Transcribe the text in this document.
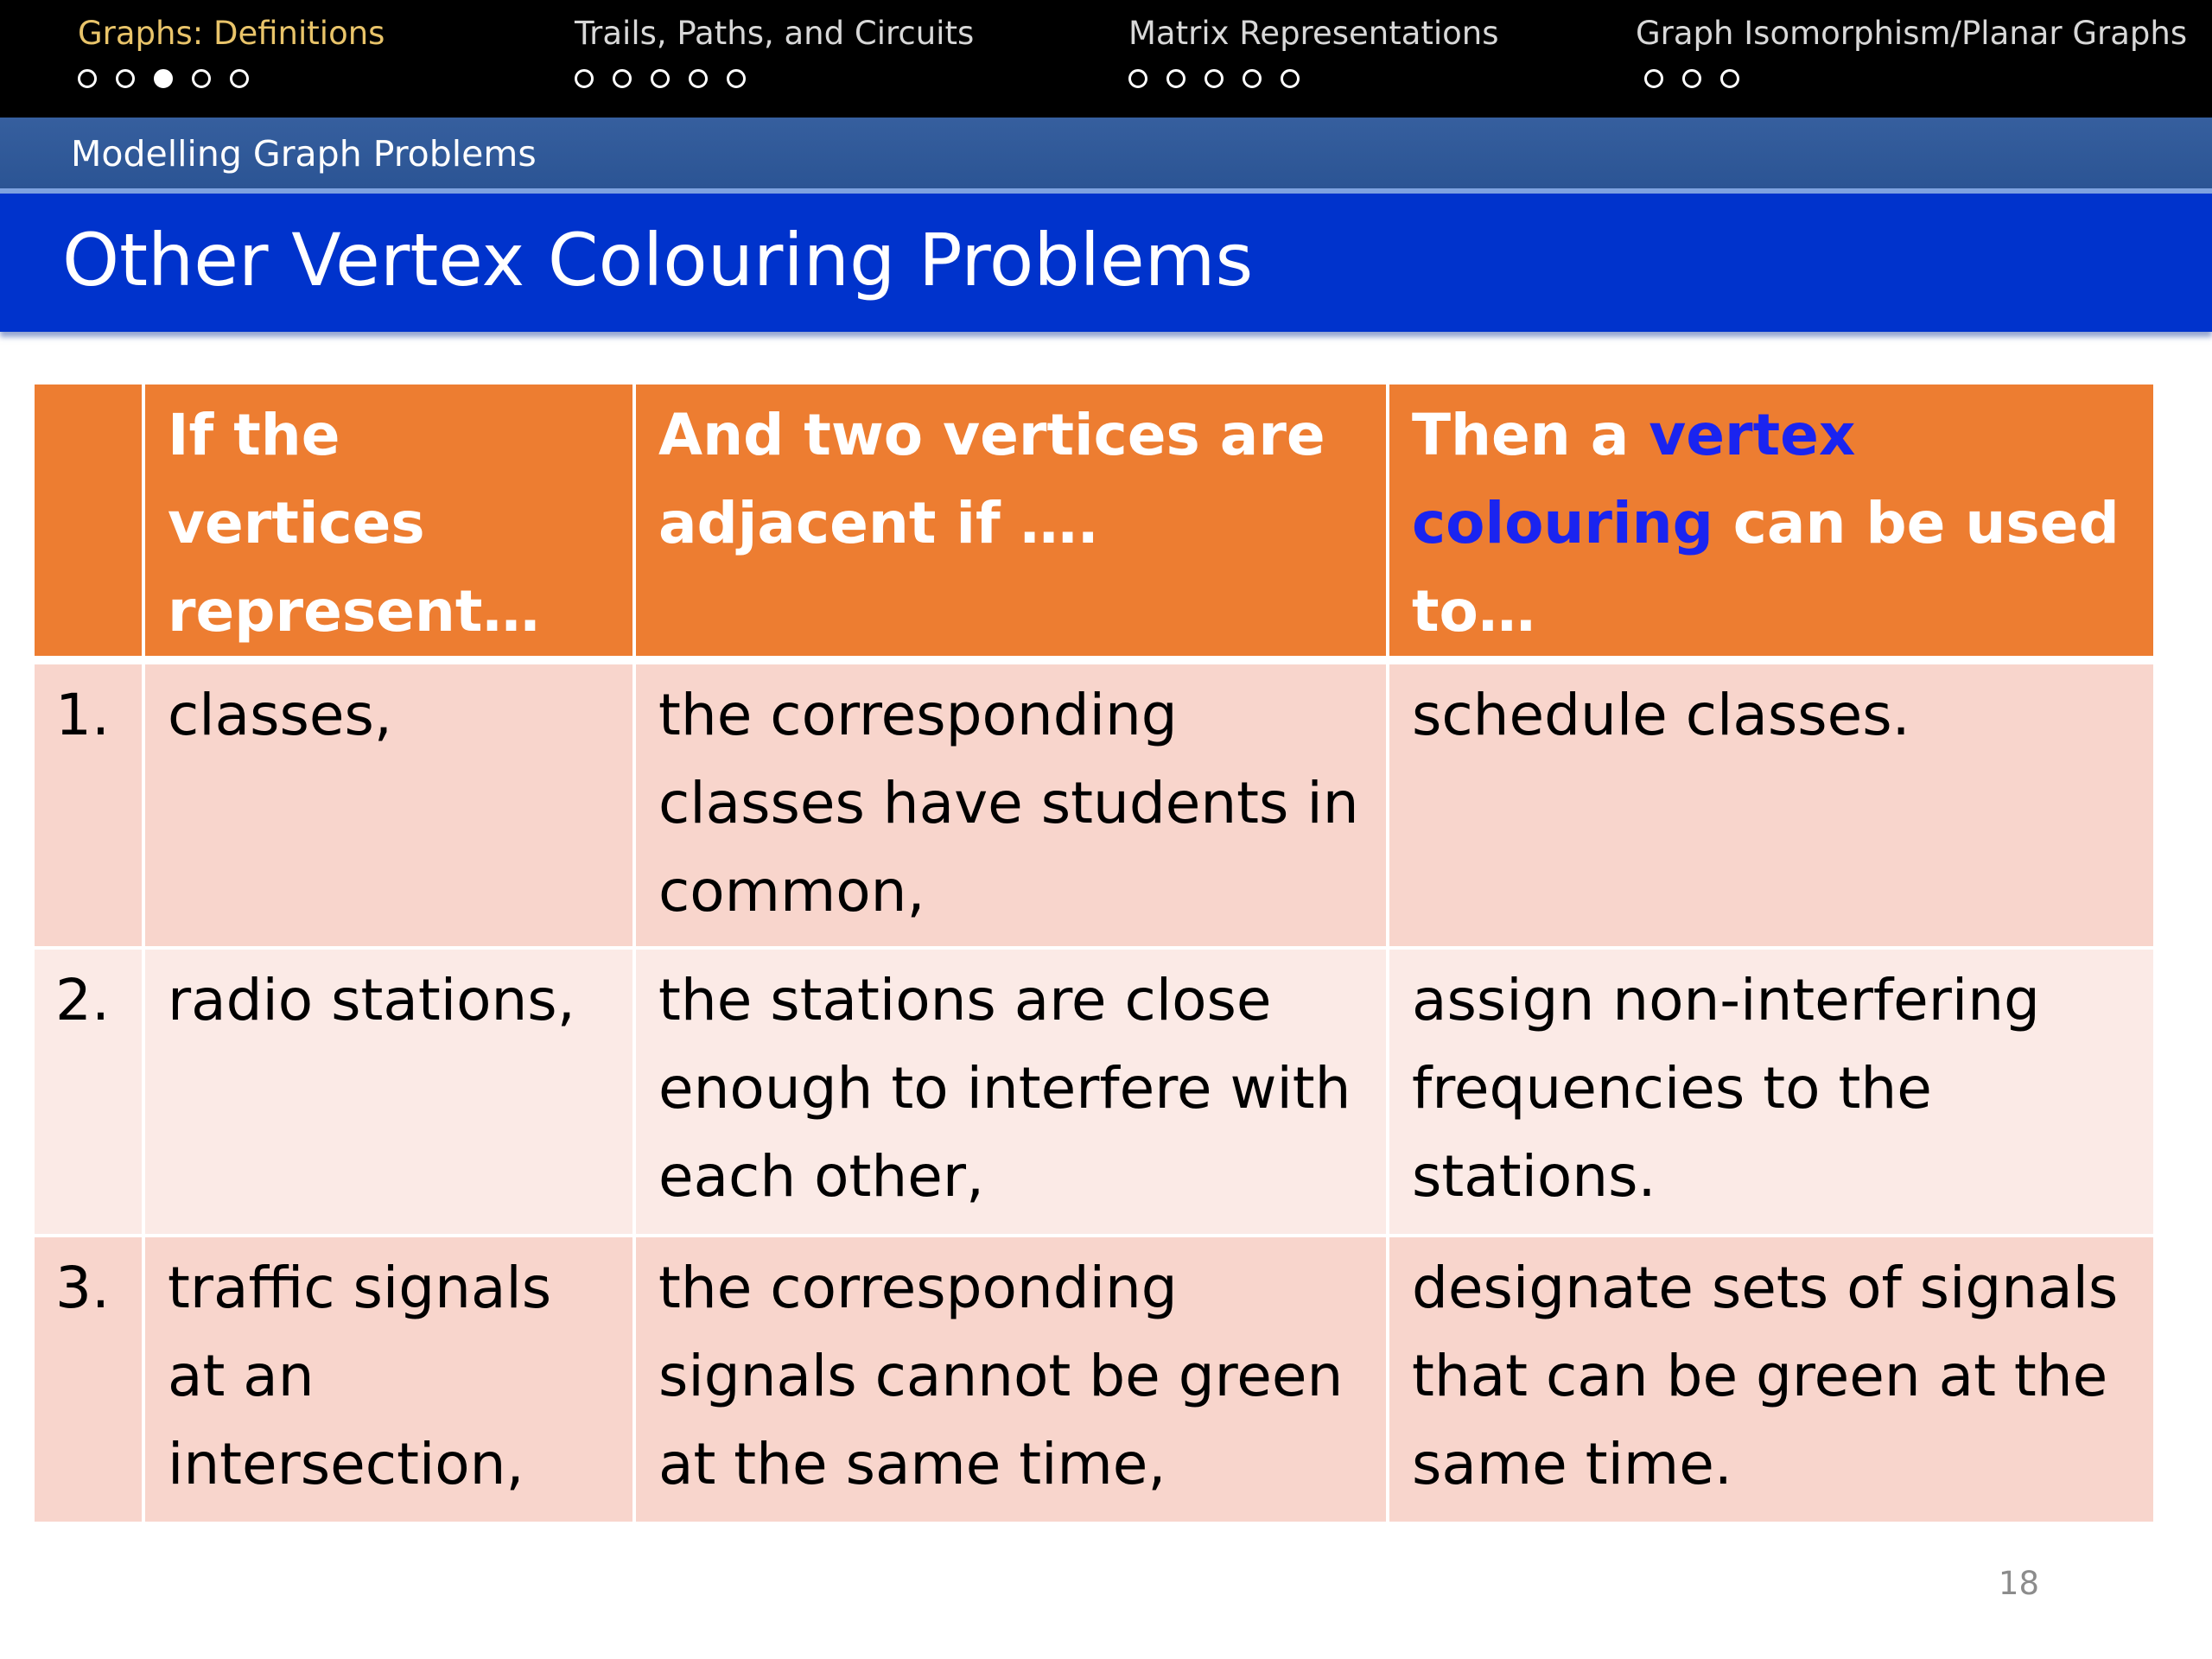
Graphs: Definitions	Trails, Paths, and Circuits	Matrix Representations	Graph Isomorphism/Planar Graphs
Modelling Graph Problems
Other Vertex Colouring Problems
	If the vertices represent…	And two vertices are adjacent if ….	Then a vertex colouring can be used to…
1.	classes,	the corresponding classes have students in common,	schedule classes.
2.	radio stations,	the stations are close enough to interfere with each other,	assign non-interfering frequencies to the stations.
3.	traffic signals at an intersection,	the corresponding signals cannot be green at the same time,	designate sets of signals that can be green at the same time.
18
